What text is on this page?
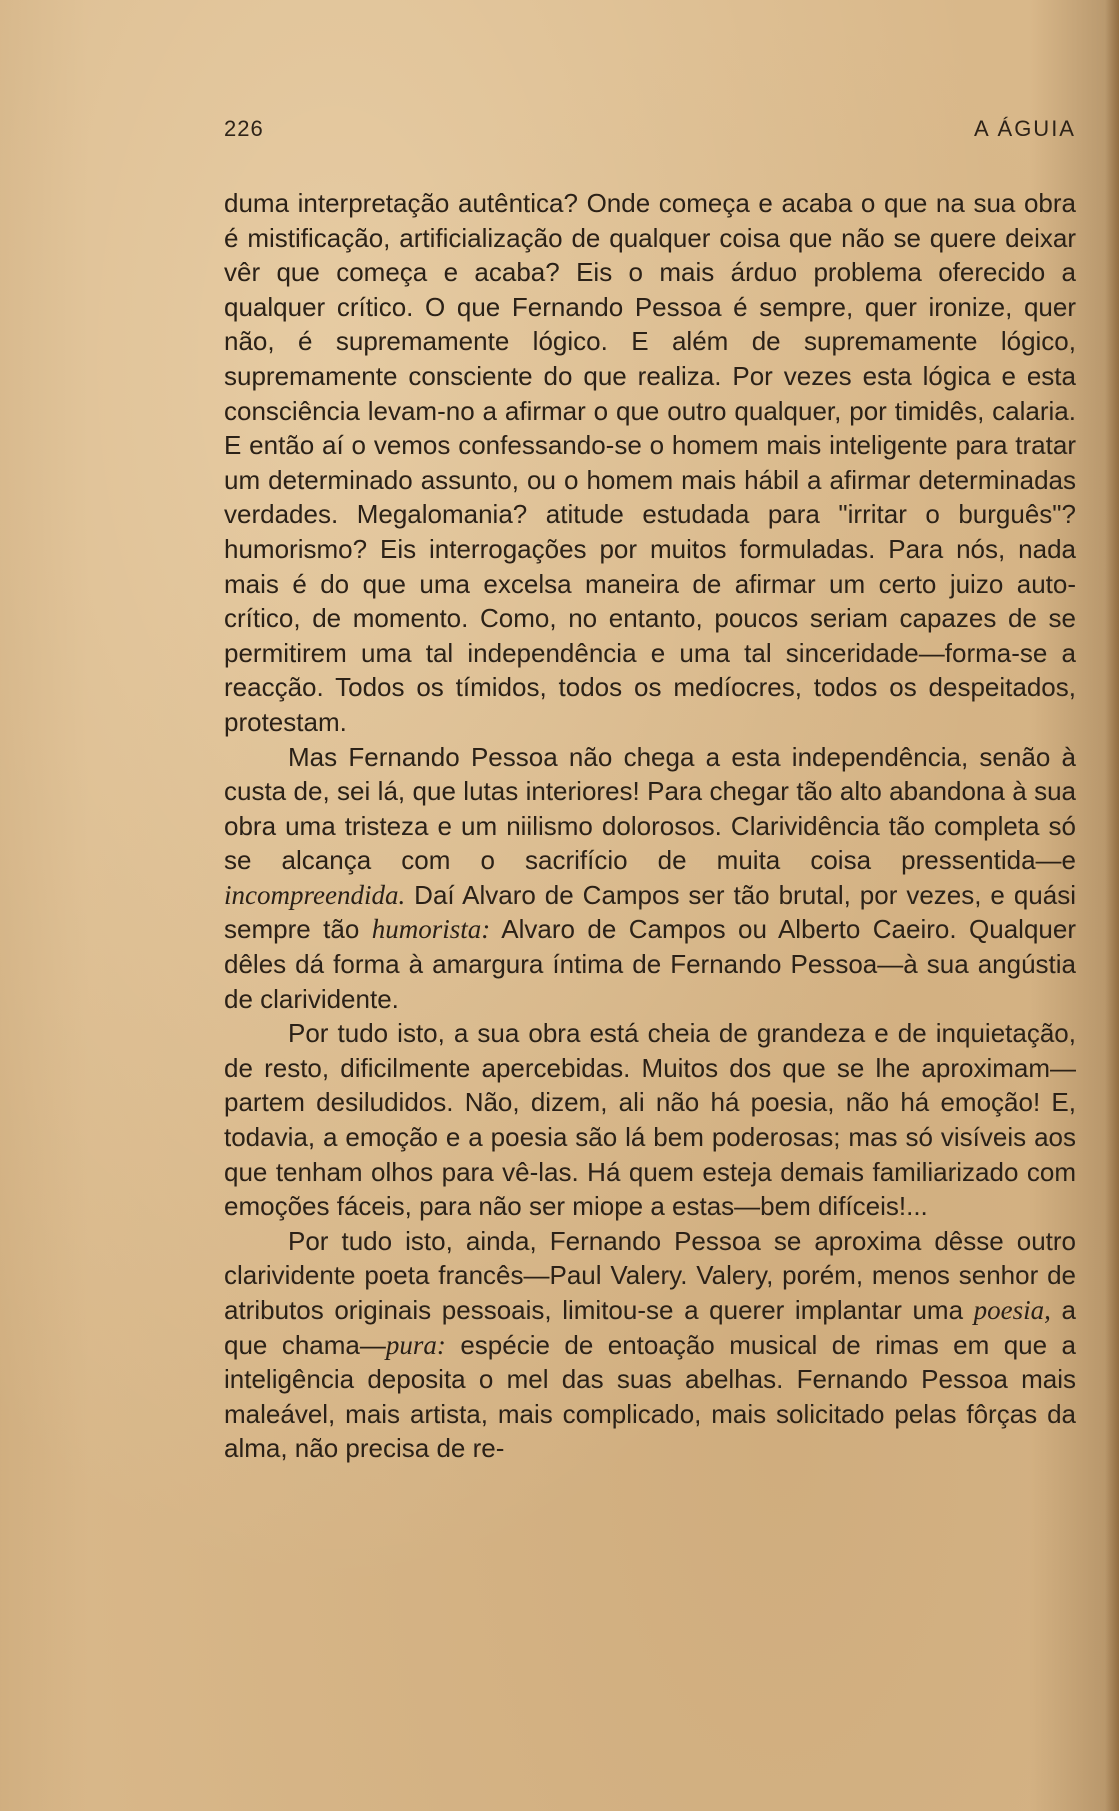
226	A ÁGUIA

duma interpretação autêntica? Onde começa e acaba o que na sua obra é mistificação, artificialização de qualquer coisa que não se quere deixar vêr que começa e acaba? Eis o mais árduo problema oferecido a qualquer crítico. O que Fernando Pessoa é sempre, quer ironize, quer não, é supremamente lógico. E além de supremamente lógico, supremamente consciente do que realiza. Por vezes esta lógica e esta consciência levam-no a afirmar o que outro qualquer, por timidês, calaria. E então aí o vemos confessando-se o homem mais inteligente para tratar um determinado assunto, ou o homem mais hábil a afirmar determinadas verdades. Megalomania? atitude estudada para "irritar o burguês"? humorismo? Eis interrogações por muitos formuladas. Para nós, nada mais é do que uma excelsa maneira de afirmar um certo juizo auto-crítico, de momento. Como, no entanto, poucos seriam capazes de se permitirem uma tal independência e uma tal sinceridade—forma-se a reacção. Todos os tímidos, todos os medíocres, todos os despeitados, protestam.

Mas Fernando Pessoa não chega a esta independência, senão à custa de, sei lá, que lutas interiores! Para chegar tão alto abandona à sua obra uma tristeza e um niilismo dolorosos. Clarividência tão completa só se alcança com o sacrifício de muita coisa pressentida—e incompreendida. Daí Alvaro de Campos ser tão brutal, por vezes, e quási sempre tão humorista: Alvaro de Campos ou Alberto Caeiro. Qualquer dêles dá forma à amargura íntima de Fernando Pessoa—à sua angústia de clarividente.

Por tudo isto, a sua obra está cheia de grandeza e de inquietação, de resto, dificilmente apercebidas. Muitos dos que se lhe aproximam—partem desiludidos. Não, dizem, ali não há poesia, não há emoção! E, todavia, a emoção e a poesia são lá bem poderosas; mas só visíveis aos que tenham olhos para vê-las. Há quem esteja demais familiarizado com emoções fáceis, para não ser miope a estas—bem difíceis!...

Por tudo isto, ainda, Fernando Pessoa se aproxima dêsse outro clarividente poeta francês—Paul Valery. Valery, porém, menos senhor de atributos originais pessoais, limitou-se a querer implantar uma poesia, a que chama—pura: espécie de entoação musical de rimas em que a inteligência deposita o mel das suas abelhas. Fernando Pessoa mais maleável, mais artista, mais complicado, mais solicitado pelas fôrças da alma, não precisa de re-
